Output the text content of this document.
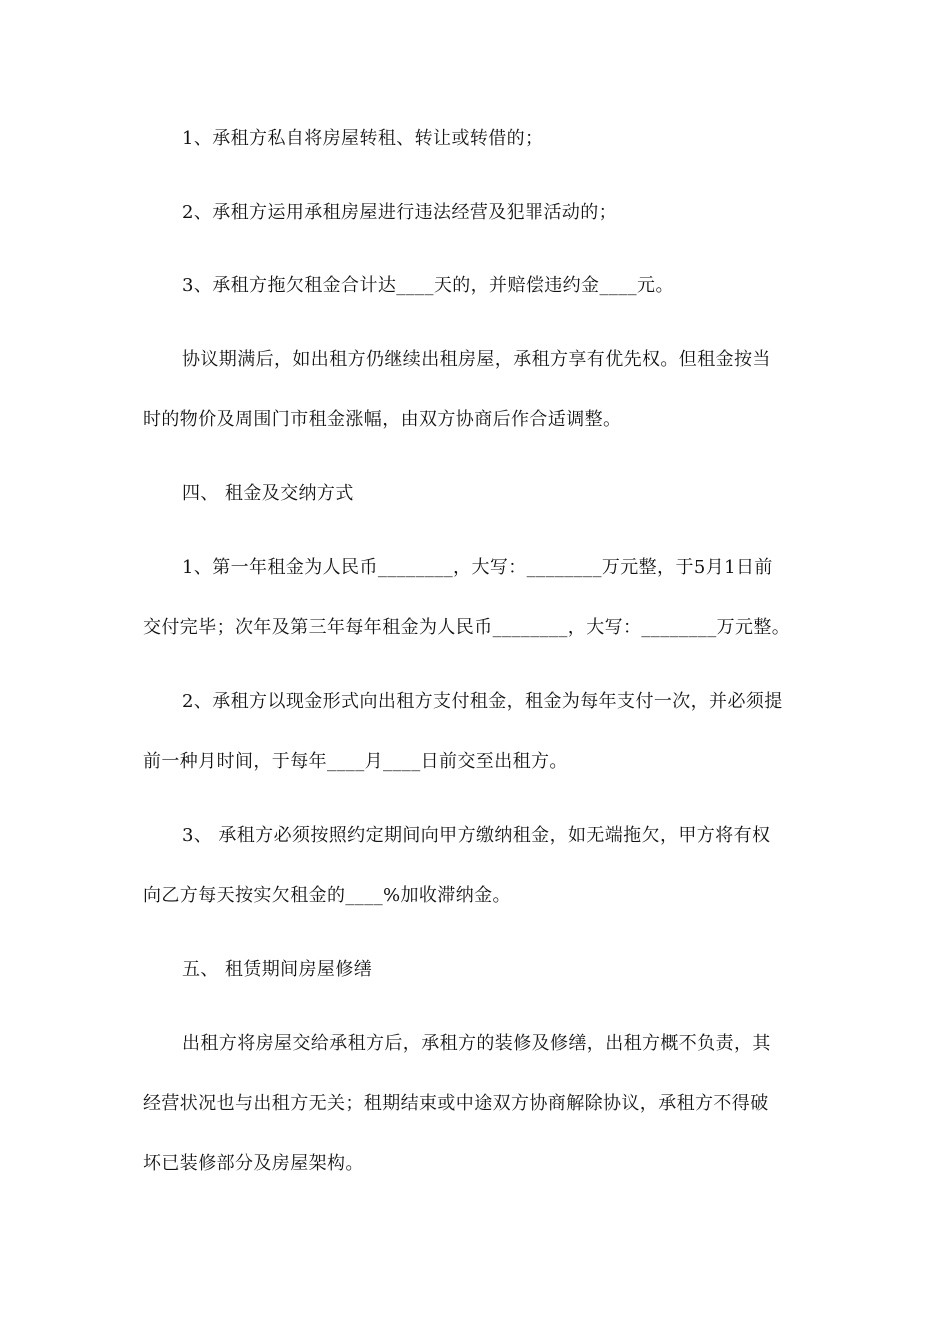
1、承租方私自将房屋转租、转让或转借的；
2、承租方运用承租房屋进行违法经营及犯罪活动的；
3、承租方拖欠租金合计达____天的，并赔偿违约金____元。
协议期满后，如出租方仍继续出租房屋，承租方享有优先权。但租金按当
时的物价及周围门市租金涨幅，由双方协商后作合适调整。
四、 租金及交纳方式
1、第一年租金为人民币________，大写：________万元整，于5月1日前
交付完毕；次年及第三年每年租金为人民币________，大写：________万元整。
2、承租方以现金形式向出租方支付租金，租金为每年支付一次，并必须提
前一种月时间，于每年____月____日前交至出租方。
3、 承租方必须按照约定期间向甲方缴纳租金，如无端拖欠，甲方将有权
向乙方每天按实欠租金的____%加收滞纳金。
五、 租赁期间房屋修缮
出租方将房屋交给承租方后，承租方的装修及修缮，出租方概不负责，其
经营状况也与出租方无关；租期结束或中途双方协商解除协议，承租方不得破
坏已装修部分及房屋架构。
